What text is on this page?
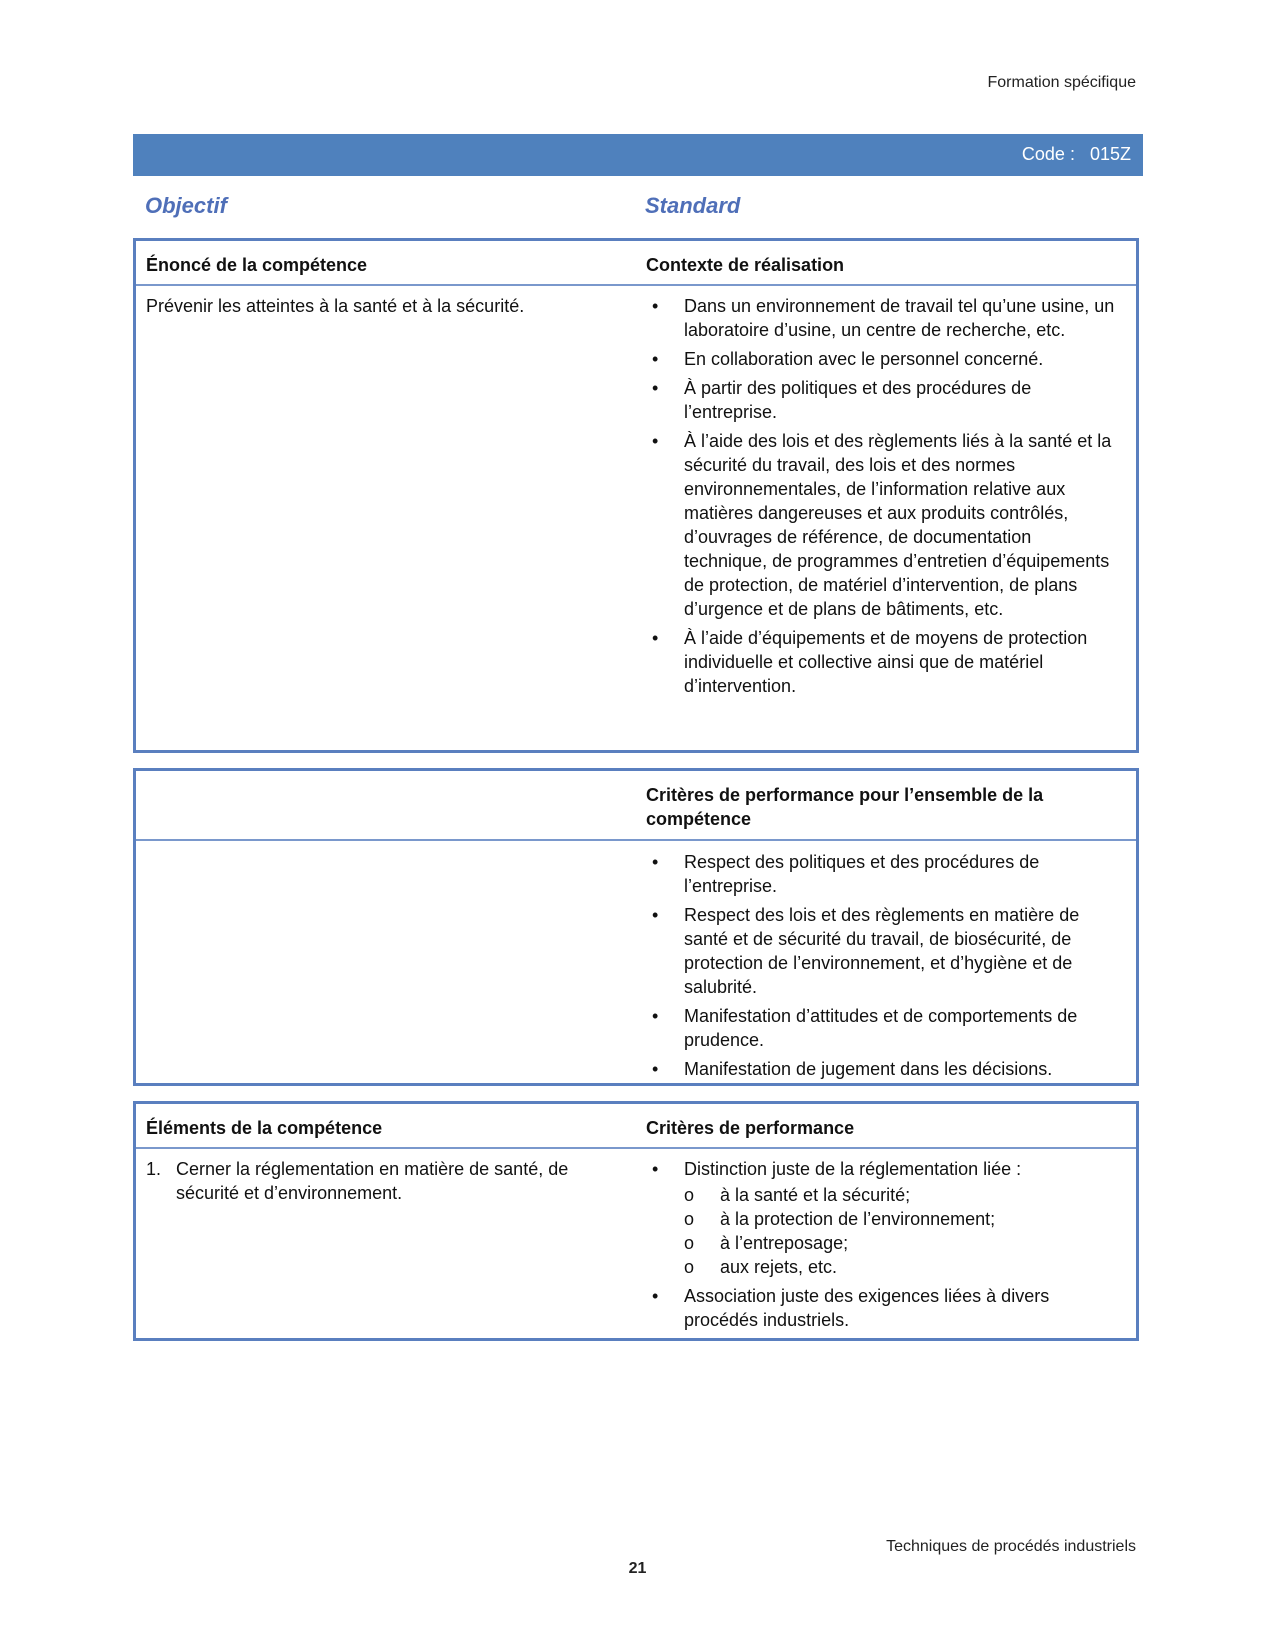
Formation spécifique
Code : 015Z
Objectif	Standard
Énoncé de la compétence	Contexte de réalisation
Prévenir les atteintes à la santé et à la sécurité.
•	Dans un environnement de travail tel qu’une usine, un laboratoire d’usine, un centre de recherche, etc.
• En collaboration avec le personnel concerné.
• À partir des politiques et des procédures de l’entreprise.
• À l’aide des lois et des règlements liés à la santé et la sécurité du travail, des lois et des normes environnementales, de l’information relative aux matières dangereuses et aux produits contrôlés, d’ouvrages de référence, de documentation technique, de programmes d’entretien d’équipements de protection, de matériel d’intervention, de plans d’urgence et de plans de bâtiments, etc.
• À l’aide d’équipements et de moyens de protection individuelle et collective ainsi que de matériel d’intervention.
Critères de performance pour l’ensemble de la compétence
• Respect des politiques et des procédures de l’entreprise.
• Respect des lois et des règlements en matière de santé et de sécurité du travail, de biosécurité, de protection de l’environnement, et d’hygiène et de salubrité.
• Manifestation d’attitudes et de comportements de prudence.
• Manifestation de jugement dans les décisions.
Éléments de la compétence	Critères de performance
1. Cerner la réglementation en matière de santé, de sécurité et d’environnement.
• Distinction juste de la réglementation liée :
o à la santé et la sécurité;
o à la protection de l’environnement;
o à l’entreposage;
o aux rejets, etc.
• Association juste des exigences liées à divers procédés industriels.
Techniques de procédés industriels
21
